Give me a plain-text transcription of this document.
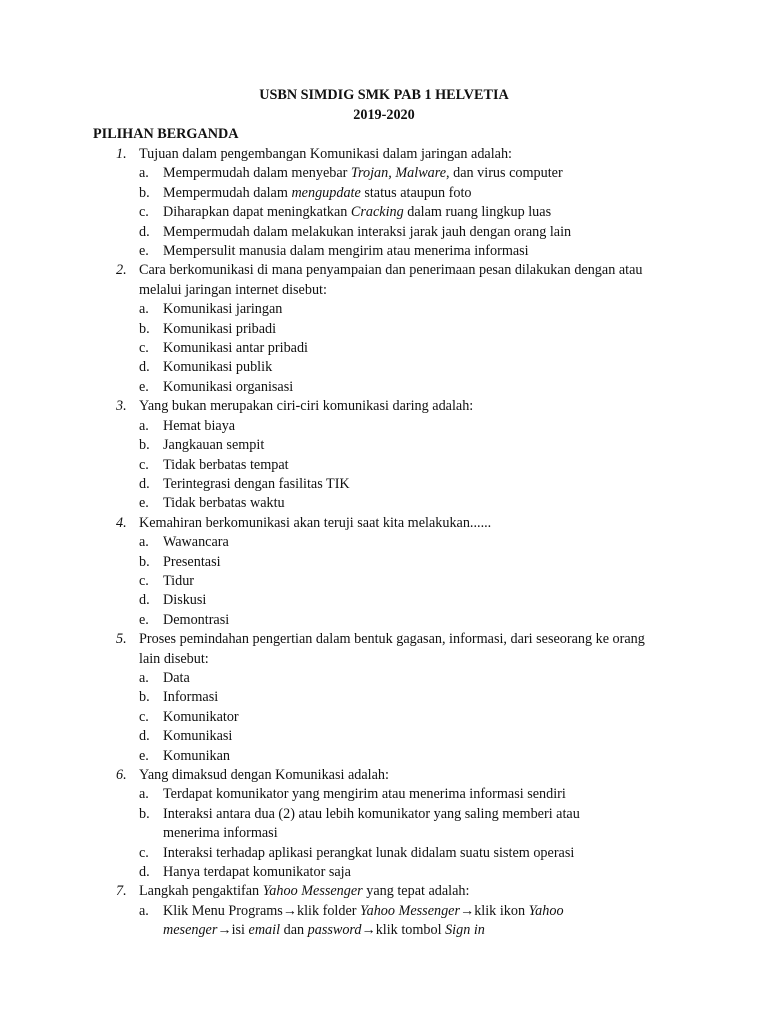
USBN SIMDIG SMK PAB 1 HELVETIA
2019-2020
PILIHAN BERGANDA
1. Tujuan dalam pengembangan Komunikasi dalam jaringan adalah:
a. Mempermudah dalam menyebar Trojan, Malware, dan virus computer
b. Mempermudah dalam mengupdate status ataupun foto
c. Diharapkan dapat meningkatkan Cracking dalam ruang lingkup luas
d. Mempermudah dalam melakukan interaksi jarak jauh dengan orang lain
e. Mempersulit manusia dalam mengirim atau menerima informasi
2. Cara berkomunikasi di mana penyampaian dan penerimaan pesan dilakukan dengan atau melalui jaringan internet disebut:
a. Komunikasi jaringan
b. Komunikasi pribadi
c. Komunikasi antar pribadi
d. Komunikasi publik
e. Komunikasi organisasi
3. Yang bukan merupakan ciri-ciri komunikasi daring adalah:
a. Hemat biaya
b. Jangkauan sempit
c. Tidak berbatas tempat
d. Terintegrasi dengan fasilitas TIK
e. Tidak berbatas waktu
4. Kemahiran berkomunikasi akan teruji saat kita melakukan......
a. Wawancara
b. Presentasi
c. Tidur
d. Diskusi
e. Demontrasi
5. Proses pemindahan pengertian dalam bentuk gagasan, informasi, dari seseorang ke orang lain disebut:
a. Data
b. Informasi
c. Komunikator
d. Komunikasi
e. Komunikan
6. Yang dimaksud dengan Komunikasi adalah:
a. Terdapat komunikator yang mengirim atau menerima informasi sendiri
b. Interaksi antara dua (2) atau lebih komunikator yang saling memberi atau menerima informasi
c. Interaksi terhadap aplikasi perangkat lunak didalam suatu sistem operasi
d. Hanya terdapat komunikator saja
7. Langkah pengaktifan Yahoo Messenger yang tepat adalah:
a. Klik Menu Programs→klik folder Yahoo Messenger→klik ikon Yahoo mesenger→isi email dan password→klik tombol Sign in
